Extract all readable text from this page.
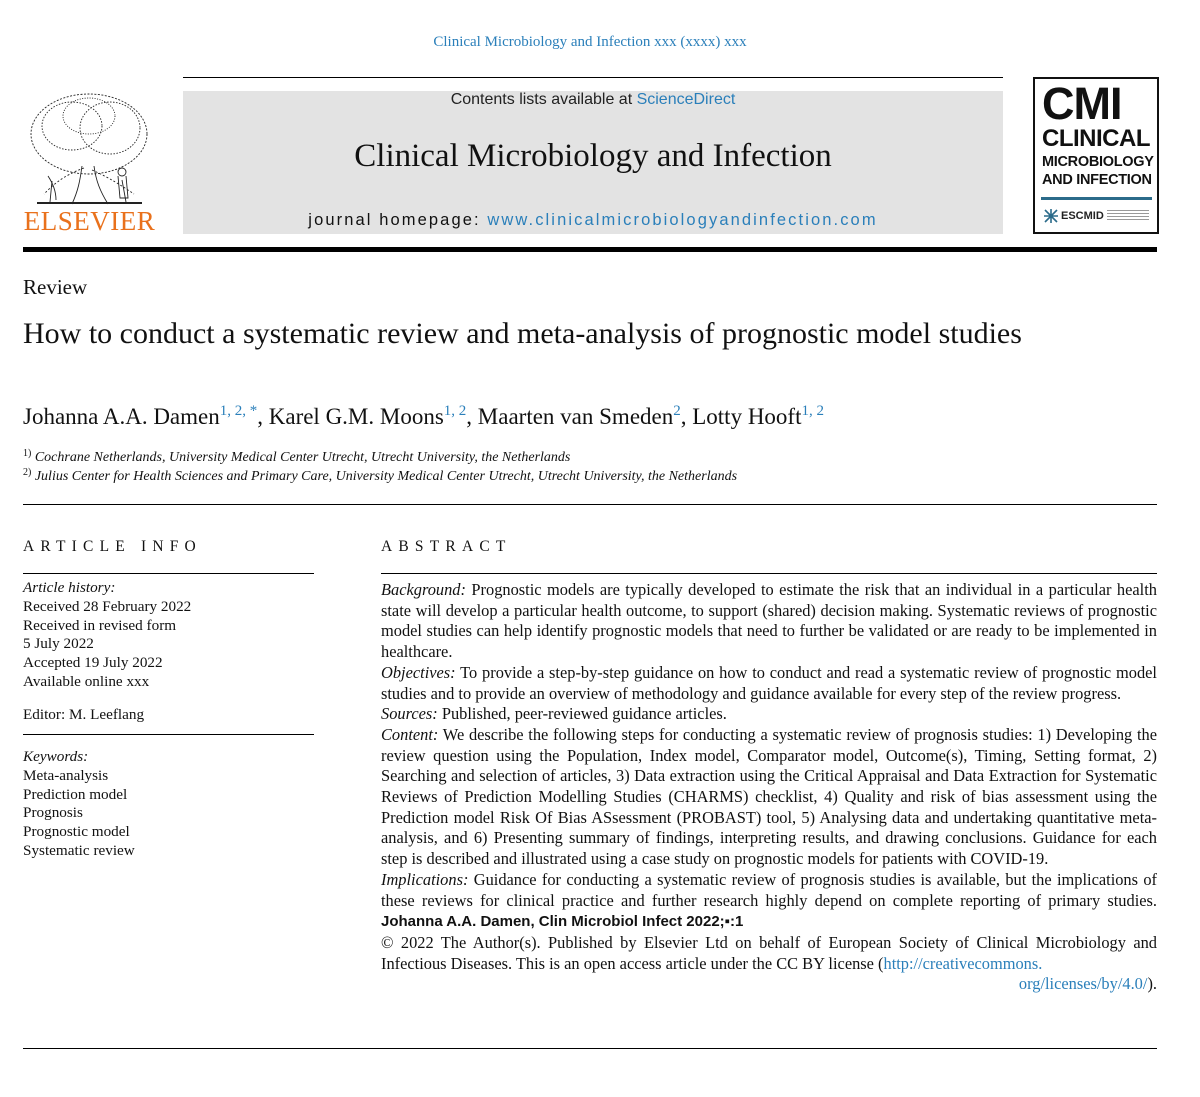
Clinical Microbiology and Infection xxx (xxxx) xxx
ELSEVIER
Contents lists available at ScienceDirect
Clinical Microbiology and Infection
journal homepage: www.clinicalmicrobiologyandinfection.com
CMI
CLINICAL
MICROBIOLOGY
AND INFECTION
ESCMID
Review
How to conduct a systematic review and meta-analysis of prognostic model studies
Johanna A.A. Damen$^{1, 2, *}$, Karel G.M. Moons$^{1, 2}$, Maarten van Smeden$^2$, Lotty Hooft$^{1, 2}$
$^{1)}$ Cochrane Netherlands, University Medical Center Utrecht, Utrecht University, the Netherlands
$^{2)}$ Julius Center for Health Sciences and Primary Care, University Medical Center Utrecht, Utrecht University, the Netherlands
ARTICLE INFO	ABSTRACT
Article history:
Received 28 February 2022
Received in revised form
5 July 2022
Accepted 19 July 2022
Available online xxx
Editor: M. Leeflang
Keywords:
Meta-analysis
Prediction model
Prognosis
Prognostic model
Systematic review

Background: Prognostic models are typically developed to estimate the risk that an individual in a particular health state will develop a particular health outcome, to support (shared) decision making. Systematic reviews of prognostic model studies can help identify prognostic models that need to further be validated or are ready to be implemented in healthcare.

Objectives: To provide a step-by-step guidance on how to conduct and read a systematic review of prognostic model studies and to provide an overview of methodology and guidance available for every step of the review progress.

Sources: Published, peer-reviewed guidance articles.

Content: We describe the following steps for conducting a systematic review of prognosis studies: 1) Developing the review question using the Population, Index model, Comparator model, Outcome(s), Timing, Setting format, 2) Searching and selection of articles, 3) Data extraction using the Critical Appraisal and Data Extraction for Systematic Reviews of Prediction Modelling Studies (CHARMS) checklist, 4) Quality and risk of bias assessment using the Prediction model Risk Of Bias ASsessment (PROBAST) tool, 5) Analysing data and undertaking quantitative meta-analysis, and 6) Presenting summary of findings, interpreting results, and drawing conclusions. Guidance for each step is described and illustrated using a case study on prognostic models for patients with COVID-19.

Implications: Guidance for conducting a systematic review of prognosis studies is available, but the implications of these reviews for clinical practice and further research highly depend on complete reporting of primary studies. Johanna A.A. Damen, Clin Microbiol Infect 2022;▪:1

© 2022 The Author(s). Published by Elsevier Ltd on behalf of European Society of Clinical Microbiology and Infectious Diseases. This is an open access article under the CC BY license (http://creativecommons.
org/licenses/by/4.0/).
